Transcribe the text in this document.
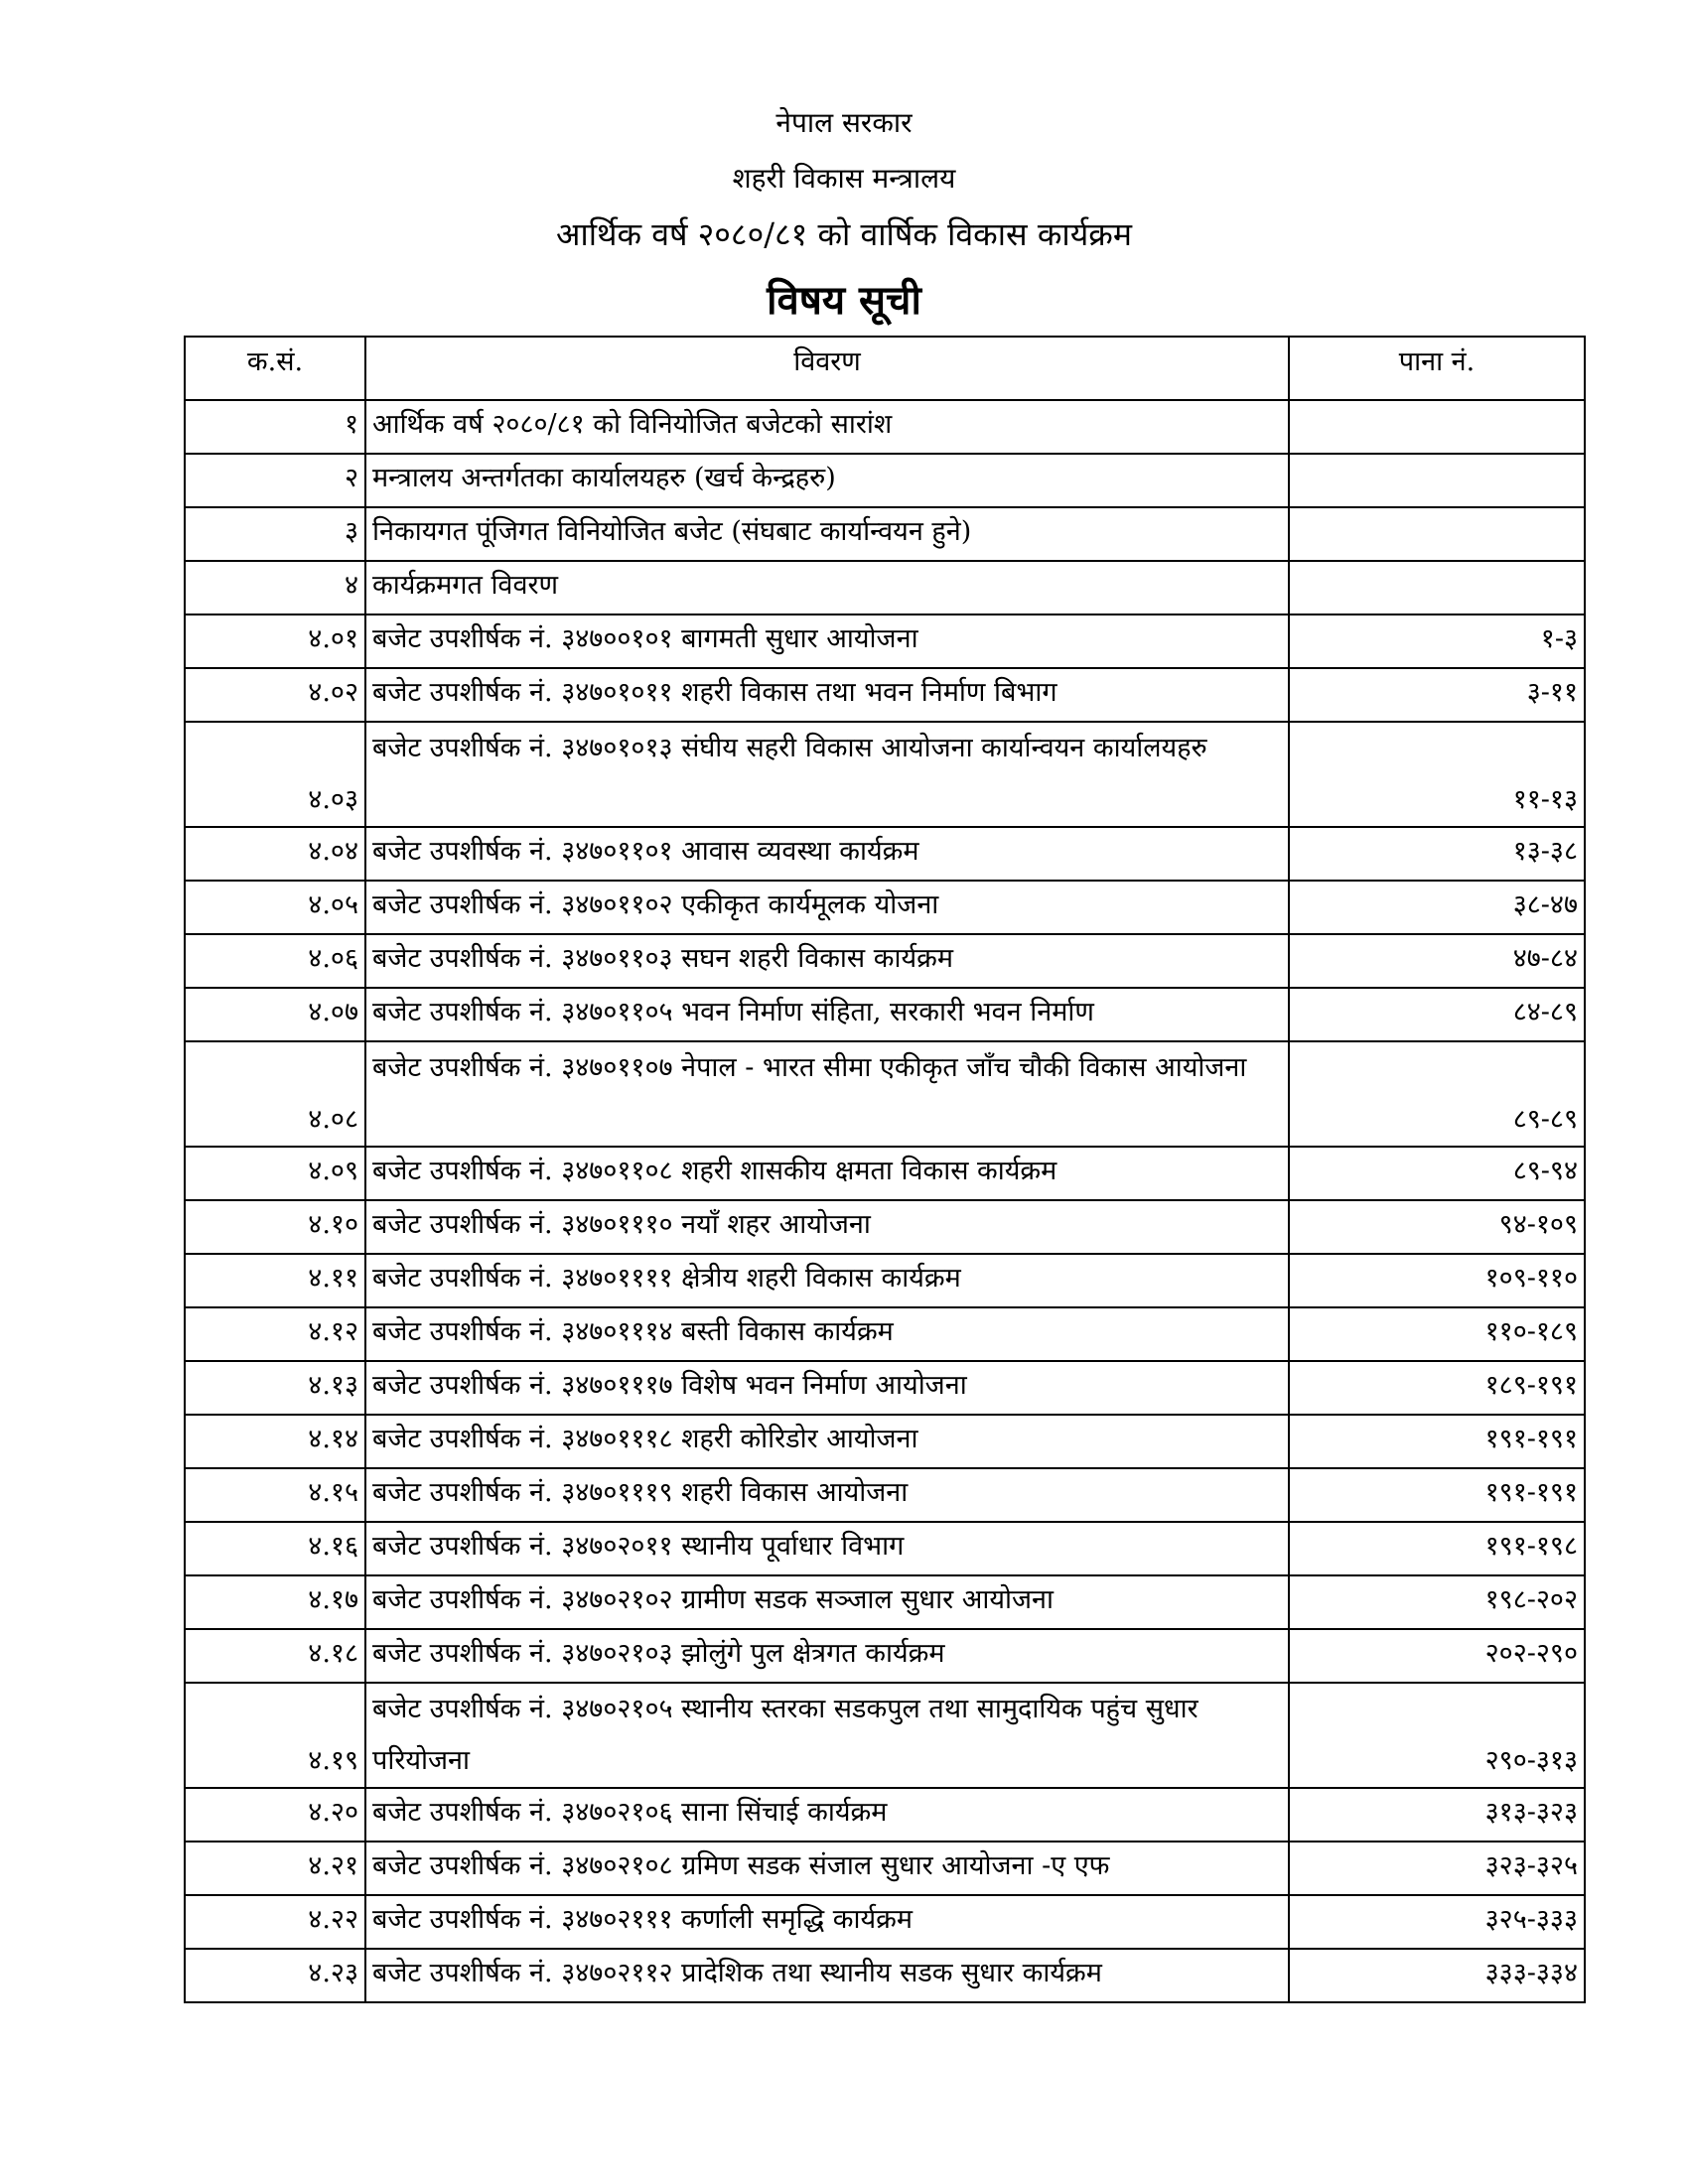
नेपाल सरकार
शहरी विकास मन्त्रालय
आर्थिक वर्ष २०८०/८१ को वार्षिक विकास कार्यक्रम
विषय सूची
क.सं.	विवरण	पाना नं.
१	आर्थिक वर्ष २०८०/८१ को विनियोजित बजेटको सारांश	
२	मन्त्रालय अन्तर्गतका कार्यालयहरु (खर्च केन्द्रहरु)	
३	निकायगत पूंजिगत विनियोजित बजेट (संघबाट कार्यान्वयन हुने)	
४	कार्यक्रमगत विवरण	
४.०१	बजेट उपशीर्षक नं. ३४७००१०१ बागमती सुधार आयोजना	१-३
४.०२	बजेट उपशीर्षक नं. ३४७०१०११ शहरी विकास तथा भवन निर्माण बिभाग	३-११
४.०३	बजेट उपशीर्षक नं. ३४७०१०१३ संघीय सहरी विकास आयोजना कार्यान्वयन कार्यालयहरु	११-१३
४.०४	बजेट उपशीर्षक नं. ३४७०११०१ आवास व्यवस्था कार्यक्रम	१३-३८
४.०५	बजेट उपशीर्षक नं. ३४७०११०२ एकीकृत कार्यमूलक योजना	३८-४७
४.०६	बजेट उपशीर्षक नं. ३४७०११०३ सघन शहरी विकास कार्यक्रम	४७-८४
४.०७	बजेट उपशीर्षक नं. ३४७०११०५ भवन निर्माण संहिता, सरकारी भवन निर्माण	८४-८९
४.०८	बजेट उपशीर्षक नं. ३४७०११०७ नेपाल - भारत सीमा एकीकृत जाँच चौकी विकास आयोजना	८९-८९
४.०९	बजेट उपशीर्षक नं. ३४७०११०८ शहरी शासकीय क्षमता विकास कार्यक्रम	८९-९४
४.१०	बजेट उपशीर्षक नं. ३४७०१११० नयाँ शहर आयोजना	९४-१०९
४.११	बजेट उपशीर्षक नं. ३४७०११११ क्षेत्रीय शहरी विकास कार्यक्रम	१०९-११०
४.१२	बजेट उपशीर्षक नं. ३४७०१११४ बस्ती विकास कार्यक्रम	११०-१८९
४.१३	बजेट उपशीर्षक नं. ३४७०१११७ विशेष भवन निर्माण आयोजना	१८९-१९१
४.१४	बजेट उपशीर्षक नं. ३४७०१११८ शहरी कोरिडोर आयोजना	१९१-१९१
४.१५	बजेट उपशीर्षक नं. ३४७०१११९ शहरी विकास आयोजना	१९१-१९१
४.१६	बजेट उपशीर्षक नं. ३४७०२०११ स्थानीय पूर्वाधार विभाग	१९१-१९८
४.१७	बजेट उपशीर्षक नं. ३४७०२१०२ ग्रामीण सडक सञ्जाल सुधार आयोजना	१९८-२०२
४.१८	बजेट उपशीर्षक नं. ३४७०२१०३ झोलुंगे पुल क्षेत्रगत कार्यक्रम	२०२-२९०
४.१९	बजेट उपशीर्षक नं. ३४७०२१०५ स्थानीय स्तरका सडकपुल तथा सामुदायिक पहुंच सुधार परियोजना	२९०-३१३
४.२०	बजेट उपशीर्षक नं. ३४७०२१०६ साना सिंचाई कार्यक्रम	३१३-३२३
४.२१	बजेट उपशीर्षक नं. ३४७०२१०८ ग्रमिण सडक संजाल सुधार आयोजना -ए एफ	३२३-३२५
४.२२	बजेट उपशीर्षक नं. ३४७०२१११ कर्णाली समृद्धि कार्यक्रम	३२५-३३३
४.२३	बजेट उपशीर्षक नं. ३४७०२११२ प्रादेशिक तथा स्थानीय सडक सुधार कार्यक्रम	३३३-३३४
